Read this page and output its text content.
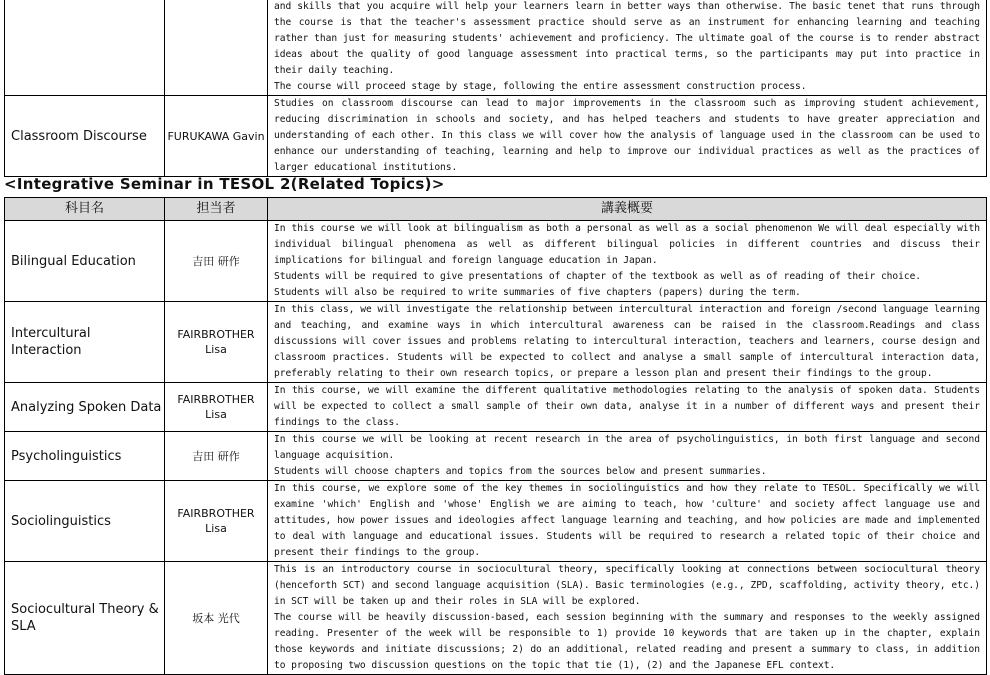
		and skills that you acquire will help your learners learn in better ways than otherwise. The basic tenet that runs through the course is that the teacher's assessment practice should serve as an instrument for enhancing learning and teaching rather than just for measuring students' achievement and proficiency. The ultimate goal of the course is to render abstract ideas about the quality of good language assessment into practical terms, so the participants may put into practice in their daily teaching.

The course will proceed stage by stage, following the entire assessment construction process.

Classroom Discourse	FURUKAWA Gavin	Studies on classroom discourse can lead to major improvements in the classroom such as improving student achievement, reducing discrimination in schools and society, and has helped teachers and students to have greater appreciation and understanding of each other. In this class we will cover how the analysis of language used in the classroom can be used to enhance our understanding of teaching, learning and help to improve our individual practices as well as the practices of larger educational institutions.

<Integrative Seminar in TESOL 2(Related Topics)>
科目名	担当者	講義概要
Bilingual Education	吉田 研作	In this course we will look at bilingualism as both a personal as well as a social phenomenon We will deal especially with individual bilingual phenomena as well as different bilingual policies in different countries and discuss their implications for bilingual and foreign language education in Japan.

Students will be required to give presentations of chapter of the textbook as well as of reading of their choice.

Students will also be required to write summaries of five chapters (papers) during the term.

Intercultural Interaction	FAIRBROTHER Lisa	In this class, we will investigate the relationship between intercultural interaction and foreign /second language learning and teaching, and examine ways in which intercultural awareness can be raised in the classroom.Readings and class discussions will cover issues and problems relating to intercultural interaction, teachers and learners, course design and classroom practices. Students will be expected to collect and analyse a small sample of intercultural interaction data, preferably relating to their own research topics, or prepare a lesson plan and present their findings to the group.

Analyzing Spoken Data	FAIRBROTHER Lisa	In this course, we will examine the different qualitative methodologies relating to the analysis of spoken data. Students will be expected to collect a small sample of their own data, analyse it in a number of different ways and present their findings to the class.

Psycholinguistics	吉田 研作	In this course we will be looking at recent research in the area of psycholinguistics, in both first language and second language acquisition.

Students will choose chapters and topics from the sources below and present summaries.

Sociolinguistics	FAIRBROTHER Lisa	In this course, we explore some of the key themes in sociolinguistics and how they relate to TESOL. Specifically we will examine 'which' English and 'whose' English we are aiming to teach, how 'culture' and society affect language use and attitudes, how power issues and ideologies affect language learning and teaching, and how policies are made and implemented to deal with language and educational issues. Students will be required to research a related topic of their choice and present their findings to the group.

Sociocultural Theory & SLA	坂本 光代	This is an introductory course in sociocultural theory, specifically looking at connections between sociocultural theory (henceforth SCT) and second language acquisition (SLA). Basic terminologies (e.g., ZPD, scaffolding, activity theory, etc.) in SCT will be taken up and their roles in SLA will be explored.

The course will be heavily discussion-based, each session beginning with the summary and responses to the weekly assigned reading. Presenter of the week will be responsible to 1) provide 10 keywords that are taken up in the chapter, explain those keywords and initiate discussions; 2) do an additional, related reading and present a summary to class, in addition to proposing two discussion questions on the topic that tie (1), (2) and the Japanese EFL context.
